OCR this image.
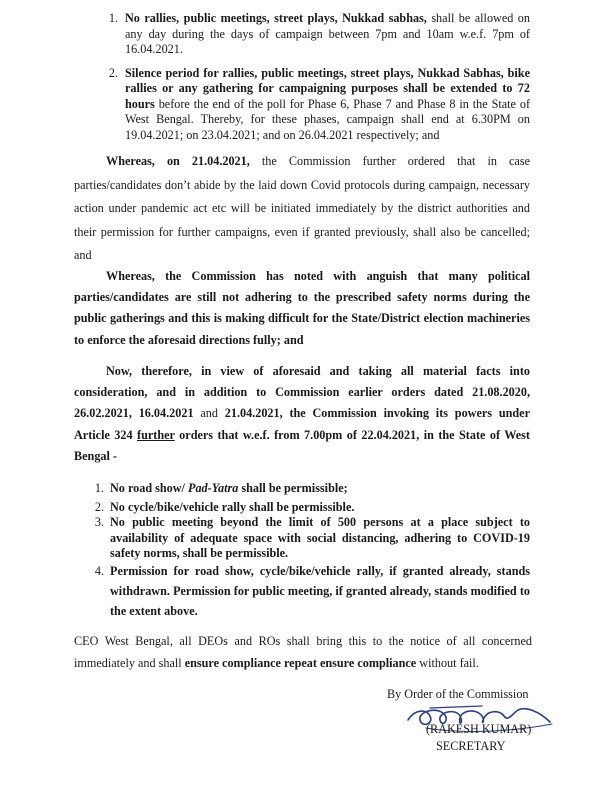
1. No rallies, public meetings, street plays, Nukkad sabhas, shall be allowed on any day during the days of campaign between 7pm and 10am w.e.f. 7pm of 16.04.2021.
2. Silence period for rallies, public meetings, street plays, Nukkad Sabhas, bike rallies or any gathering for campaigning purposes shall be extended to 72 hours before the end of the poll for Phase 6, Phase 7 and Phase 8 in the State of West Bengal. Thereby, for these phases, campaign shall end at 6.30PM on 19.04.2021; on 23.04.2021; and on 26.04.2021 respectively; and

Whereas, on 21.04.2021, the Commission further ordered that in case parties/candidates don’t abide by the laid down Covid protocols during campaign, necessary action under pandemic act etc will be initiated immediately by the district authorities and their permission for further campaigns, even if granted previously, shall also be cancelled; and

Whereas, the Commission has noted with anguish that many political parties/candidates are still not adhering to the prescribed safety norms during the public gatherings and this is making difficult for the State/District election machineries to enforce the aforesaid directions fully; and

Now, therefore, in view of aforesaid and taking all material facts into consideration, and in addition to Commission earlier orders dated 21.08.2020, 26.02.2021, 16.04.2021 and 21.04.2021, the Commission invoking its powers under Article 324 further orders that w.e.f. from 7.00pm of 22.04.2021, in the State of West Bengal -

1. No road show/ Pad-Yatra shall be permissible;
2. No cycle/bike/vehicle rally shall be permissible.
3. No public meeting beyond the limit of 500 persons at a place subject to availability of adequate space with social distancing, adhering to COVID-19 safety norms, shall be permissible.
4. Permission for road show, cycle/bike/vehicle rally, if granted already, stands withdrawn. Permission for public meeting, if granted already, stands modified to the extent above.

CEO West Bengal, all DEOs and ROs shall bring this to the notice of all concerned immediately and shall ensure compliance repeat ensure compliance without fail.

By Order of the Commission
(RAKESH KUMAR)
SECRETARY
